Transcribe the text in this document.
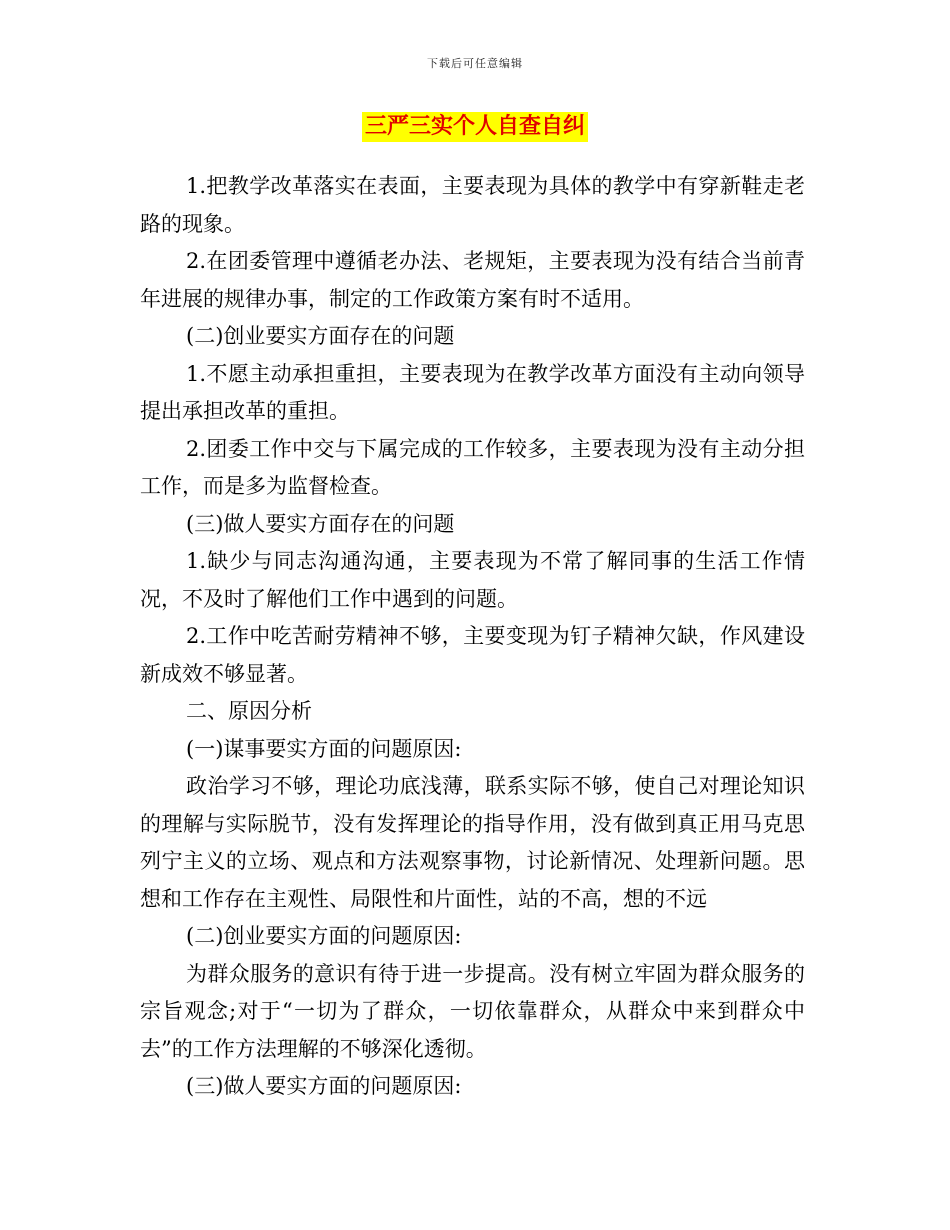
下载后可任意编辑
三严三实个人自查自纠

1.把教学改革落实在表面，主要表现为具体的教学中有穿新鞋走老路的现象。

2.在团委管理中遵循老办法、老规矩，主要表现为没有结合当前青年进展的规律办事，制定的工作政策方案有时不适用。

(二)创业要实方面存在的问题

1.不愿主动承担重担，主要表现为在教学改革方面没有主动向领导提出承担改革的重担。

2.团委工作中交与下属完成的工作较多，主要表现为没有主动分担工作，而是多为监督检查。

(三)做人要实方面存在的问题

1.缺少与同志沟通沟通，主要表现为不常了解同事的生活工作情况，不及时了解他们工作中遇到的问题。

2.工作中吃苦耐劳精神不够，主要变现为钉子精神欠缺，作风建设新成效不够显著。

二、原因分析

(一)谋事要实方面的问题原因:

政治学习不够，理论功底浅薄，联系实际不够，使自己对理论知识的理解与实际脱节，没有发挥理论的指导作用，没有做到真正用马克思列宁主义的立场、观点和方法观察事物，讨论新情况、处理新问题。思想和工作存在主观性、局限性和片面性，站的不高，想的不远

(二)创业要实方面的问题原因:

为群众服务的意识有待于进一步提高。没有树立牢固为群众服务的宗旨观念;对于“一切为了群众，一切依靠群众，从群众中来到群众中去”的工作方法理解的不够深化透彻。

(三)做人要实方面的问题原因:
